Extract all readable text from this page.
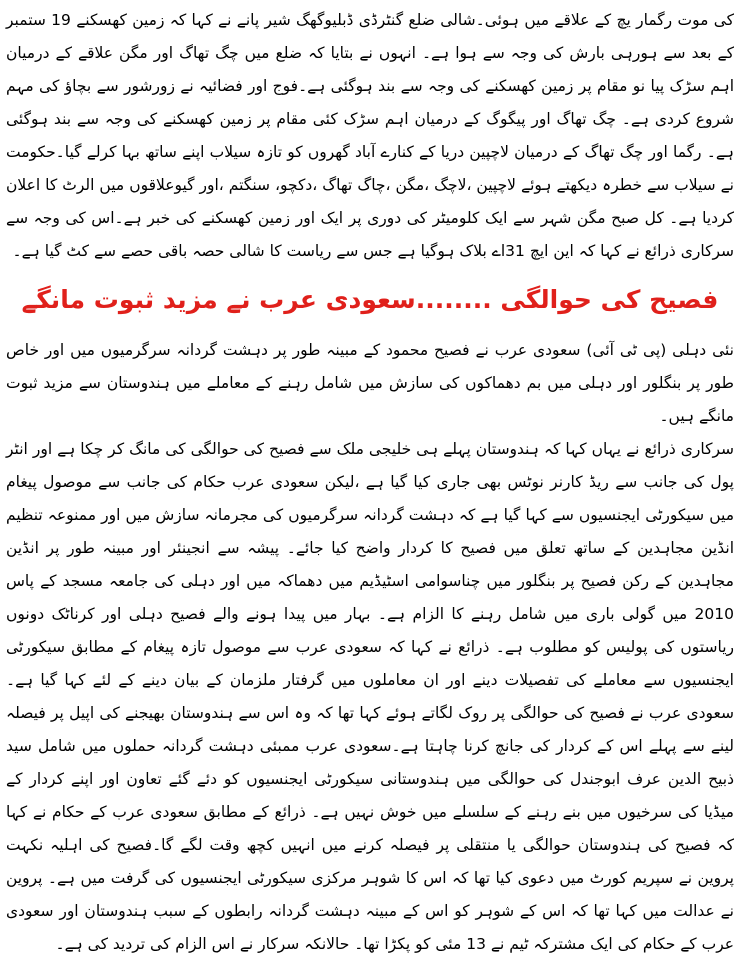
کی موت رگمار یچ کے علاقے میں ہوئی۔شالی ضلع گنٹرڈی ڈبلیوگھگ شیر پانے نے کہا کہ زمین کھسکنے 19 ستمبر کے بعد سے ہورہی بارش کی وجہ سے ہوا ہے۔ انہوں نے بتایا کہ ضلع میں چگ تھاگ اور مگن علاقے کے درمیان اہم سڑک پیا نو مقام پر زمین کھسکنے کی وجہ سے بند ہوگئی ہے۔فوج اور فضائیہ نے زورشور سے بچاؤ کی مہم شروع کردی ہے۔ چگ تھاگ اور پیگوگ کے درمیان اہم سڑک کئی مقام پر زمین کھسکنے کی وجہ سے بند ہوگئی ہے۔ رگما اور چگ تھاگ کے درمیان لاچپین دریا کے کنارے آباد گھروں کو تازہ سیلاب اپنے ساتھ بہا کرلے گیا۔حکومت نے سیلاب سے خطرہ دیکھتے ہوئے لاچپین ،لاچگ ،مگن ،چاگ تھاگ ،دکچو، سنگتم ،اور گیوعلاقوں میں الرٹ کا اعلان کردیا ہے۔ کل صبح مگن شہر سے ایک کلومیٹر کی دوری پر ایک اور زمین کھسکنے کی خبر ہے۔اس کی وجہ سے سرکاری ذرائع نے کہا کہ این ایچ 31اے بلاک ہوگیا ہے جس سے ریاست کا شالی حصہ باقی حصے سے کٹ گیا ہے۔

فصیح کی حوالگی ........سعودی عرب نے مزید ثبوت مانگے

نئی دہلی (پی ٹی آئی) سعودی عرب نے فصیح محمود کے مبینہ طور پر دہشت گردانہ سرگرمیوں میں اور خاص طور پر بنگلور اور دہلی میں بم دھماکوں کی سازش میں شامل رہنے کے معاملے میں ہندوستان سے مزید ثبوت مانگے ہیں۔

سرکاری ذرائع نے یہاں کہا کہ ہندوستان پہلے ہی خلیجی ملک سے فصیح کی حوالگی کی مانگ کر چکا ہے اور انٹر پول کی جانب سے ریڈ کارنر نوٹس بھی جاری کیا گیا ہے ،لیکن سعودی عرب حکام کی جانب سے موصول پیغام میں سیکورٹی ایجنسیوں سے کہا گیا ہے کہ دہشت گردانہ سرگرمیوں کی مجرمانہ سازش میں اور ممنوعہ تنظیم انڈین مجاہدین کے ساتھ تعلق میں فصیح کا کردار واضح کیا جائے۔ پیشہ سے انجینئر اور مبینہ طور پر انڈین مجاہدین کے رکن فصیح پر بنگلور میں چناسوامی اسٹیڈیم میں دھماکہ میں اور دہلی کی جامعہ مسجد کے پاس 2010 میں گولی باری میں شامل رہنے کا الزام ہے۔ بہار میں پیدا ہونے والے فصیح دہلی اور کرناٹک دونوں ریاستوں کی پولیس کو مطلوب ہے۔ ذرائع نے کہا کہ سعودی عرب سے موصول تازہ پیغام کے مطابق سیکورٹی ایجنسیوں سے معاملے کی تفصیلات دینے اور ان معاملوں میں گرفتار ملزمان کے بیان دینے کے لئے کہا گیا ہے۔سعودی عرب نے فصیح کی حوالگی پر روک لگاتے ہوئے کہا تھا کہ وہ اس سے ہندوستان بھیجنے کی اپیل پر فیصلہ لینے سے پہلے اس کے کردار کی جانچ کرنا چاہتا ہے۔سعودی عرب ممبئی دہشت گردانہ حملوں میں شامل سید ذبیح الدین عرف ابوجندل کی حوالگی میں ہندوستانی سیکورٹی ایجنسیوں کو دئے گئے تعاون اور اپنے کردار کے میڈیا کی سرخیوں میں بنے رہنے کے سلسلے میں خوش نہیں ہے۔ ذرائع کے مطابق سعودی عرب کے حکام نے کہا کہ فصیح کی ہندوستان حوالگی یا منتقلی پر فیصلہ کرنے میں انہیں کچھ وقت لگے گا۔فصیح کی اہلیہ نکہت پروین نے سپریم کورٹ میں دعوی کیا تھا کہ اس کا شوہر مرکزی سیکورٹی ایجنسیوں کی گرفت میں ہے۔ پروین نے عدالت میں کہا تھا کہ اس کے شوہر کو اس کے مبینہ دہشت گردانہ رابطوں کے سبب ہندوستان اور سعودی عرب کے حکام کی ایک مشترکہ ٹیم نے 13 مئی کو پکڑا تھا۔ حالانکہ سرکار نے اس الزام کی تردید کی ہے۔
